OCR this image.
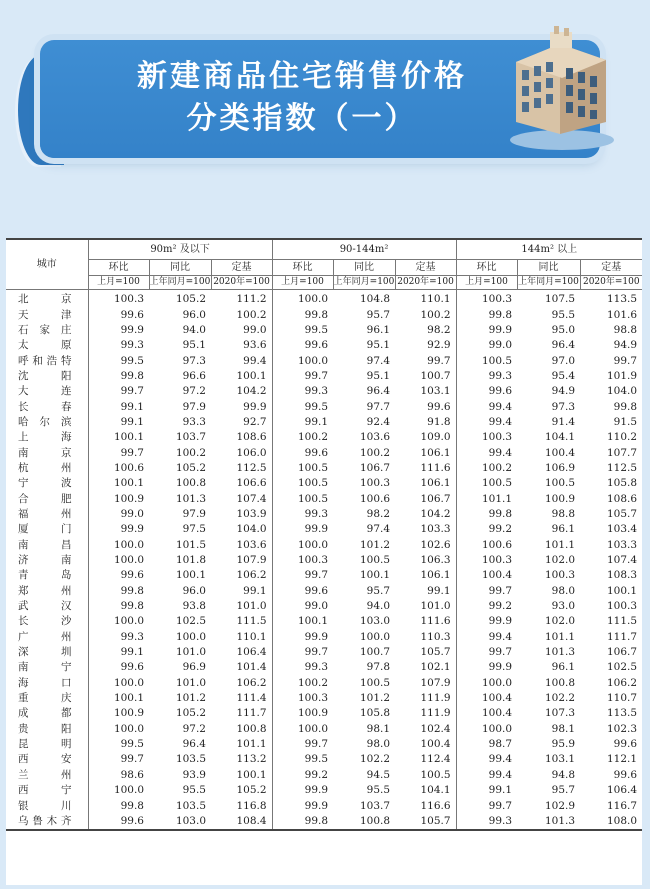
新建商品住宅销售价格
分类指数（一）
城市	90m² 及以下			90-144m²			144m² 以上		
	环比	同比	定基	环比	同比	定基	环比	同比	定基
	上月=100	上年同月=100	2020年=100	上月=100	上年同月=100	2020年=100	上月=100	上年同月=100	2020年=100
北京	100.3	105.2	111.2	100.0	104.8	110.1	100.3	107.5	113.5
天津	99.6	96.0	100.2	99.8	95.7	100.2	99.8	95.5	101.6
石家庄	99.9	94.0	99.0	99.5	96.1	98.2	99.9	95.0	98.8
太原	99.3	95.1	93.6	99.6	95.1	92.9	99.0	96.4	94.9
呼和浩特	99.5	97.3	99.4	100.0	97.4	99.7	100.5	97.0	99.7
沈阳	99.8	96.6	100.1	99.7	95.1	100.7	99.3	95.4	101.9
大连	99.7	97.2	104.2	99.3	96.4	103.1	99.6	94.9	104.0
长春	99.1	97.9	99.9	99.5	97.7	99.6	99.4	97.3	99.8
哈尔滨	99.1	93.3	92.7	99.1	92.4	91.8	99.4	91.4	91.5
上海	100.1	103.7	108.6	100.2	103.6	109.0	100.3	104.1	110.2
南京	99.7	100.2	106.0	99.6	100.2	106.1	99.4	100.4	107.7
杭州	100.6	105.2	112.5	100.5	106.7	111.6	100.2	106.9	112.5
宁波	100.1	100.8	106.6	100.5	100.3	106.1	100.5	100.5	105.8
合肥	100.9	101.3	107.4	100.5	100.6	106.7	101.1	100.9	108.6
福州	99.0	97.9	103.9	99.3	98.2	104.2	99.8	98.8	105.7
厦门	99.9	97.5	104.0	99.9	97.4	103.3	99.2	96.1	103.4
南昌	100.0	101.5	103.6	100.0	101.2	102.6	100.6	101.1	103.3
济南	100.0	101.8	107.9	100.3	100.5	106.3	100.3	102.0	107.4
青岛	99.6	100.1	106.2	99.7	100.1	106.1	100.4	100.3	108.3
郑州	99.8	96.0	99.1	99.6	95.7	99.1	99.7	98.0	100.1
武汉	99.8	93.8	101.0	99.0	94.0	101.0	99.2	93.0	100.3
长沙	100.0	102.5	111.5	100.1	103.0	111.6	99.9	102.0	111.5
广州	99.3	100.0	110.1	99.9	100.0	110.3	99.4	101.1	111.7
深圳	99.1	101.0	106.4	99.7	100.7	105.7	99.7	101.3	106.7
南宁	99.6	96.9	101.4	99.3	97.8	102.1	99.9	96.1	102.5
海口	100.0	101.0	106.2	100.2	100.5	107.9	100.0	100.8	106.2
重庆	100.1	101.2	111.4	100.3	101.2	111.9	100.4	102.2	110.7
成都	100.9	105.2	111.7	100.9	105.8	111.9	100.4	107.3	113.5
贵阳	100.0	97.2	100.8	100.0	98.1	102.4	100.0	98.1	102.3
昆明	99.5	96.4	101.1	99.7	98.0	100.4	98.7	95.9	99.6
西安	99.7	103.5	113.2	99.5	102.2	112.4	99.4	103.1	112.1
兰州	98.6	93.9	100.1	99.2	94.5	100.5	99.4	94.8	99.6
西宁	100.0	95.5	105.2	99.9	95.5	104.1	99.1	95.7	106.4
银川	99.8	103.5	116.8	99.9	103.7	116.6	99.7	102.9	116.7
乌鲁木齐	99.6	103.0	108.4	99.8	100.8	105.7	99.3	101.3	108.0
